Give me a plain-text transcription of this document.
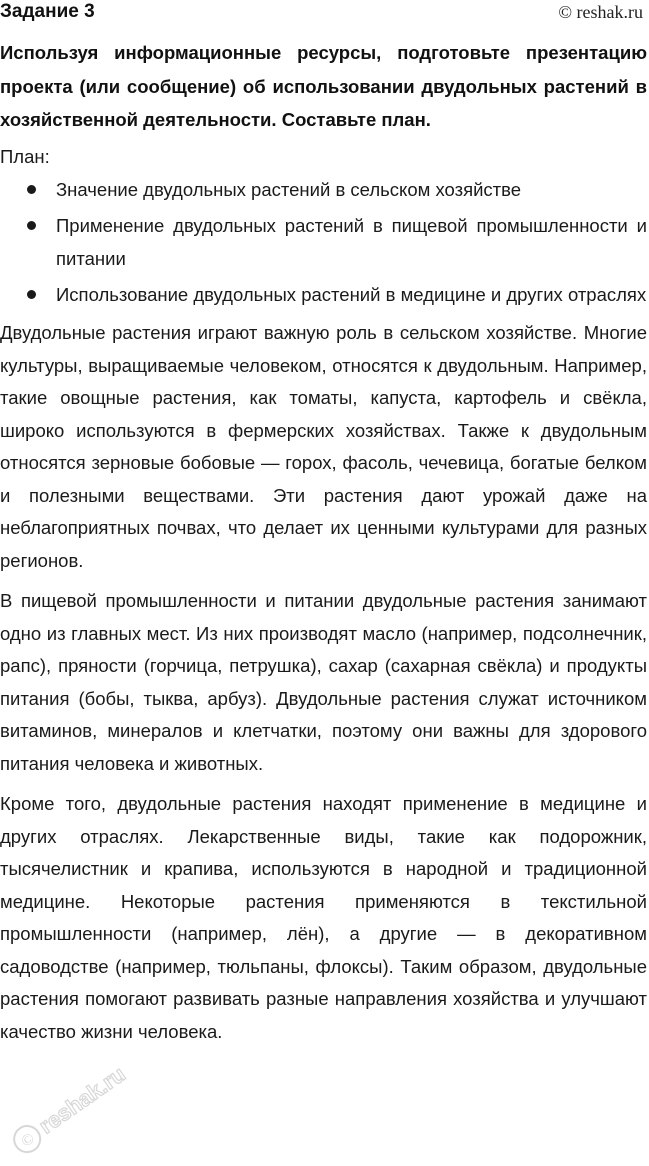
Задание 3	© reshak.ru

Используя информационные ресурсы, подготовьте презентацию проекта (или сообщение) об использовании двудольных растений в хозяйственной деятельности. Составьте план.

План:
Значение двудольных растений в сельском хозяйстве
Применение двудольных растений в пищевой промышленности и питании
Использование двудольных растений в медицине и других отраслях

Двудольные растения играют важную роль в сельском хозяйстве. Многие культуры, выращиваемые человеком, относятся к двудольным. Например, такие овощные растения, как томаты, капуста, картофель и свёкла, широко используются в фермерских хозяйствах. Также к двудольным относятся зерновые бобовые — горох, фасоль, чечевица, богатые белком и полезными веществами. Эти растения дают урожай даже на неблагоприятных почвах, что делает их ценными культурами для разных регионов.

В пищевой промышленности и питании двудольные растения занимают одно из главных мест. Из них производят масло (например, подсолнечник, рапс), пряности (горчица, петрушка), сахар (сахарная свёкла) и продукты питания (бобы, тыква, арбуз). Двудольные растения служат источником витаминов, минералов и клетчатки, поэтому они важны для здорового питания человека и животных.

Кроме того, двудольные растения находят применение в медицине и других отраслях. Лекарственные виды, такие как подорожник, тысячелистник и крапива, используются в народной и традиционной медицине. Некоторые растения применяются в текстильной промышленности (например, лён), а другие — в декоративном садоводстве (например, тюльпаны, флоксы). Таким образом, двудольные растения помогают развивать разные направления хозяйства и улучшают качество жизни человека.

©
reshak.ru
